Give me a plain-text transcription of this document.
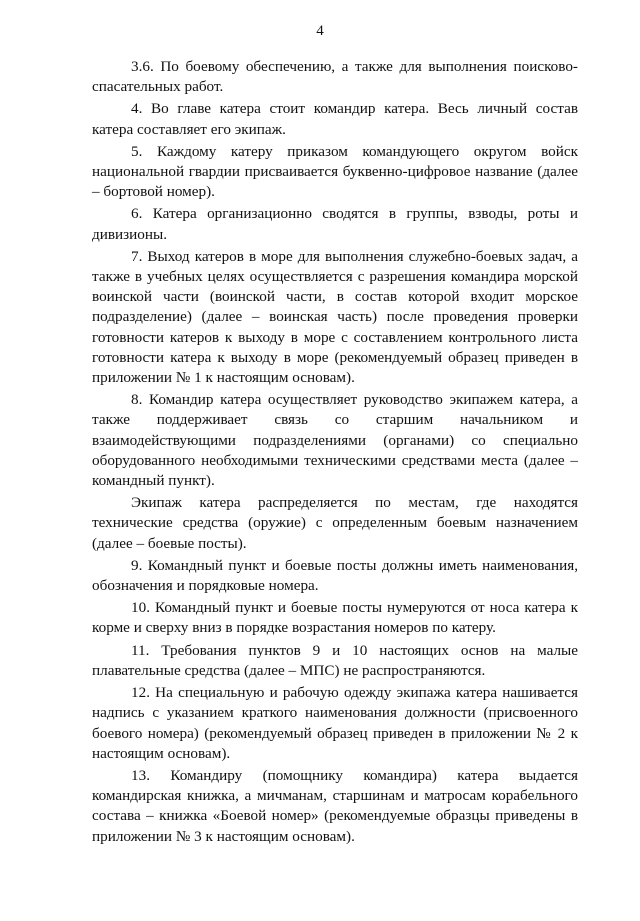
4

3.6. По боевому обеспечению, а также для выполнения поисково-спасательных работ.

4. Во главе катера стоит командир катера. Весь личный состав катера составляет его экипаж.

5. Каждому катеру приказом командующего округом войск национальной гвардии присваивается буквенно-цифровое название (далее – бортовой номер).

6. Катера организационно сводятся в группы, взводы, роты и дивизионы.

7. Выход катеров в море для выполнения служебно-боевых задач, а также в учебных целях осуществляется с разрешения командира морской воинской части (воинской части, в состав которой входит морское подразделение) (далее – воинская часть) после проведения проверки готовности катеров к выходу в море с составлением контрольного листа готовности катера к выходу в море (рекомендуемый образец приведен в приложении № 1 к настоящим основам).

8. Командир катера осуществляет руководство экипажем катера, а также поддерживает связь со старшим начальником и взаимодействующими подразделениями (органами) со специально оборудованного необходимыми техническими средствами места (далее – командный пункт).

Экипаж катера распределяется по местам, где находятся технические средства (оружие) с определенным боевым назначением (далее – боевые посты).

9. Командный пункт и боевые посты должны иметь наименования, обозначения и порядковые номера.

10. Командный пункт и боевые посты нумеруются от носа катера к корме и сверху вниз в порядке возрастания номеров по катеру.

11. Требования пунктов 9 и 10 настоящих основ на малые плавательные средства (далее – МПС) не распространяются.

12. На специальную и рабочую одежду экипажа катера нашивается надпись с указанием краткого наименования должности (присвоенного боевого номера) (рекомендуемый образец приведен в приложении № 2 к настоящим основам).

13. Командиру (помощнику командира) катера выдается командирская книжка, а мичманам, старшинам и матросам корабельного состава – книжка «Боевой номер» (рекомендуемые образцы приведены в приложении № 3 к настоящим основам).
